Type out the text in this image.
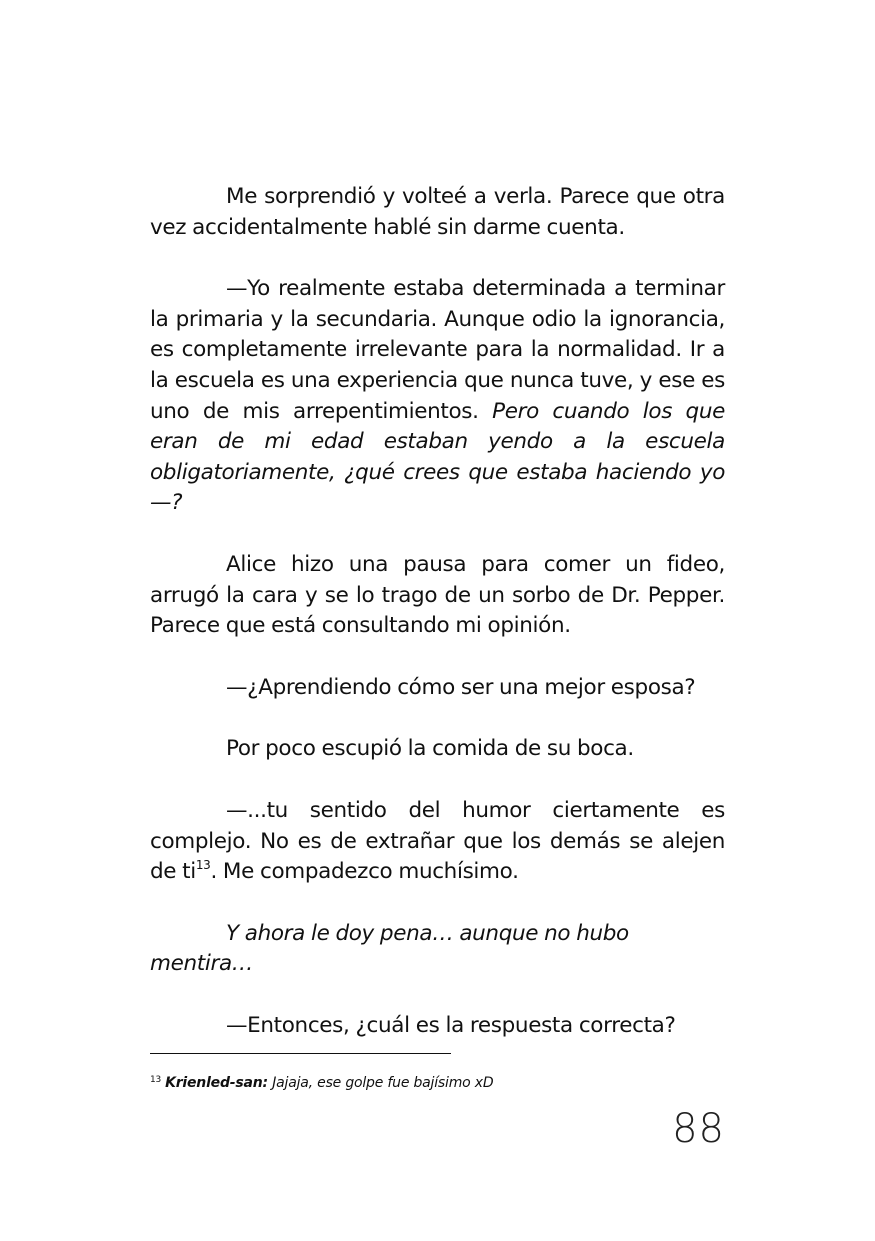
Me sorprendió y volteé a verla. Parece que otra vez accidentalmente hablé sin darme cuenta.

—Yo realmente estaba determinada a terminar la primaria y la secundaria. Aunque odio la ignorancia, es completamente irrelevante para la normalidad. Ir a la escuela es una experiencia que nunca tuve, y ese es uno de mis arrepentimientos. Pero cuando los que eran de mi edad estaban yendo a la escuela obligatoriamente, ¿qué crees que estaba haciendo yo—?

Alice hizo una pausa para comer un fideo, arrugó la cara y se lo trago de un sorbo de Dr. Pepper. Parece que está consultando mi opinión.

—¿Aprendiendo cómo ser una mejor esposa?

Por poco escupió la comida de su boca.

—...tu sentido del humor ciertamente es complejo. No es de extrañar que los demás se alejen de ti$^{13}$. Me compadezco muchísimo.

Y ahora le doy pena… aunque no hubo mentira…

—Entonces, ¿cuál es la respuesta correcta?

$^{13}$ Krienled-san: Jajaja, ese golpe fue bajísimo xD
88
